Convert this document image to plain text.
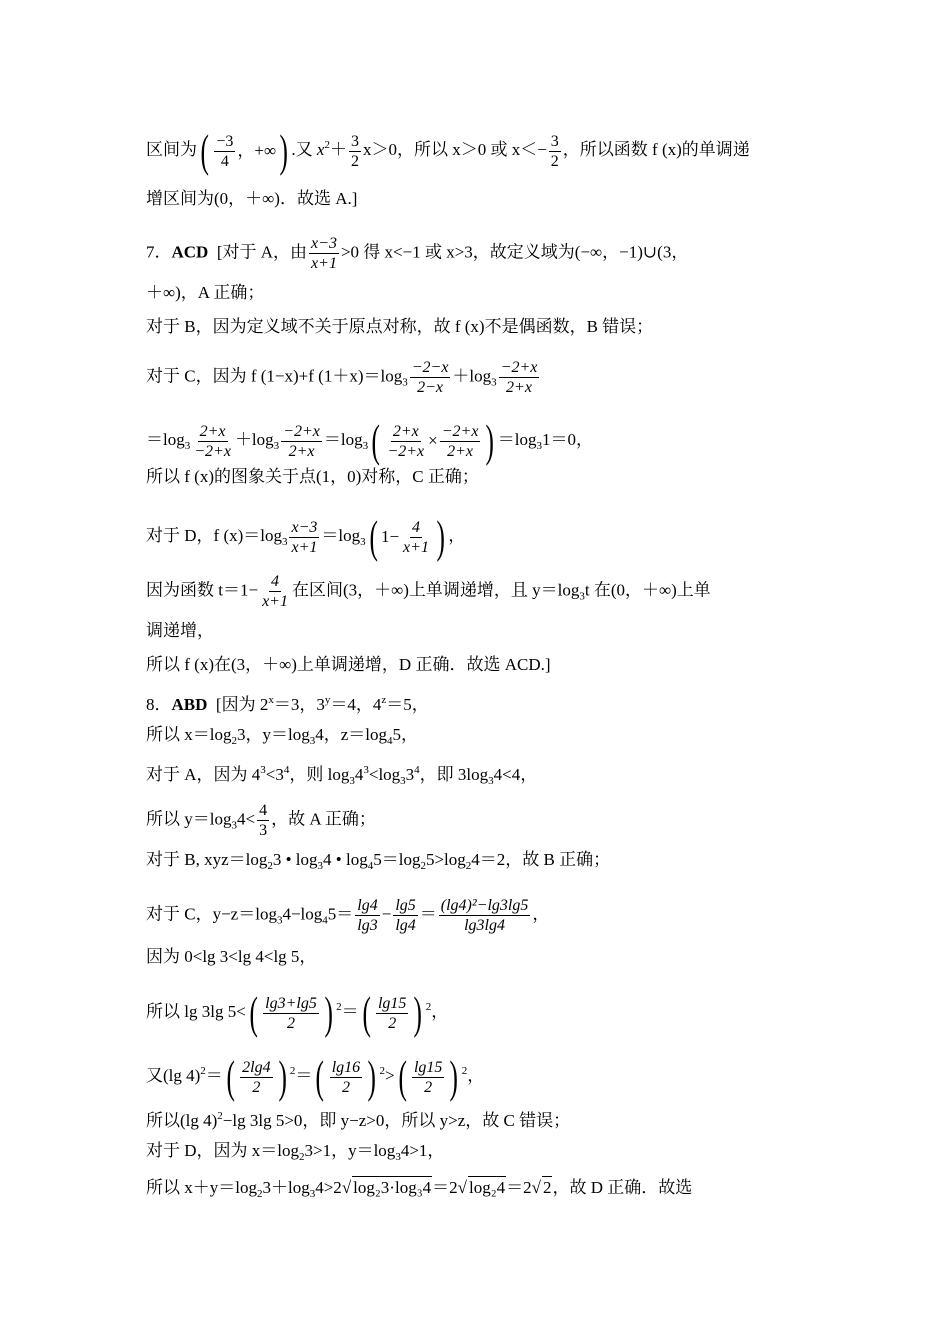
区间为 ( −3
4
，+∞ ) .又 $x^2+ \frac{3}{2} x>0$，所以 x＞0 或 $x<- \frac{3}{2}$ ，所以函数 f (x)的单调递
增区间为(0，＋∞)．故选 A.]
7．ACD [对于 A，由 $\frac{x-3}{x+1} >0$ 得 x<−1 或 x>3，故定义域为(−∞，−1)∪(3，
＋∞)，A 正确；
对于 B，因为定义域不关于原点对称，故 f (x)不是偶函数，B 错误；
对于 C，因为 f (1−x)+f $(1+x)=\log_3 \frac{-2-x}{2-x} +\log_3 \frac{-2+x}{2+x}$
$=\log_3 \frac{2+x}{-2+x} +\log_3 \frac{-2+x}{2+x} =\log_3$ ( $\frac{2+x}{-2+x} \times \frac{-2+x}{2+x}$ ) $=\log_31=0$，
所以 f (x)的图象关于点(1，0)对称，C 正确；
对于 D，f $(x)=\log_3 \frac{x-3}{x+1} =\log_3$ ( $1- \frac{4}{x+1}$ ) ，
因为函数 $t=1- \frac{4}{x+1}$ 在区间(3，＋∞)上单调递增，且 $y=\log_3t$ 在(0，＋∞)上单
调递增，
所以 f (x)在(3，＋∞)上单调递增，D 正确．故选 ACD.]
8．ABD [因为 $2^x=3$，$3^y=4$，$4^z=5$，
所以 $x=\log_23$，$y=\log_34$，$z=\log_45$，
对于 A，因为 $4^3<3^4$，则 $\log_34^3<\log_33^4$，即 $3\log_34<4$，
所以 $y=\log_34< \frac{4}{3}$ ，故 A 正确；
对于 B, $xyz=\log_23$ • $\log_34$ • $\log_45=\log_25>\log_24=2$，故 B 正确；
对于 C，$y-z=\log_34-\log_45= \frac{\lg 4}{\lg 3} - \frac{\lg 5}{\lg 4} = \frac{\text{(lg4)²−lg3lg5}}{\lg 3\lg 4}$ ，
因为 0<lg 3<lg 4<lg 5，
所以 lg 3lg 5< ( lg3+lg5
2 ) $^2$＝ ( lg15
2 ) $^2$，
又(lg 4)$^2$＝ ( 2lg4
2 ) $^2$＝ ( lg16
2 ) $^2$> ( lg15
2 ) $^2$，
所以(lg 4)$^2$−lg 3lg 5>0，即 y−z>0，所以 y>z，故 C 错误；
对于 D，因为 $x=\log_23>1$，$y=\log_34>1$，
所以 $x+y=\log_23+\log_34>2√$ log₂3·log₃4＝2√ log₂4＝2√ 2，故 D 正确．故选
